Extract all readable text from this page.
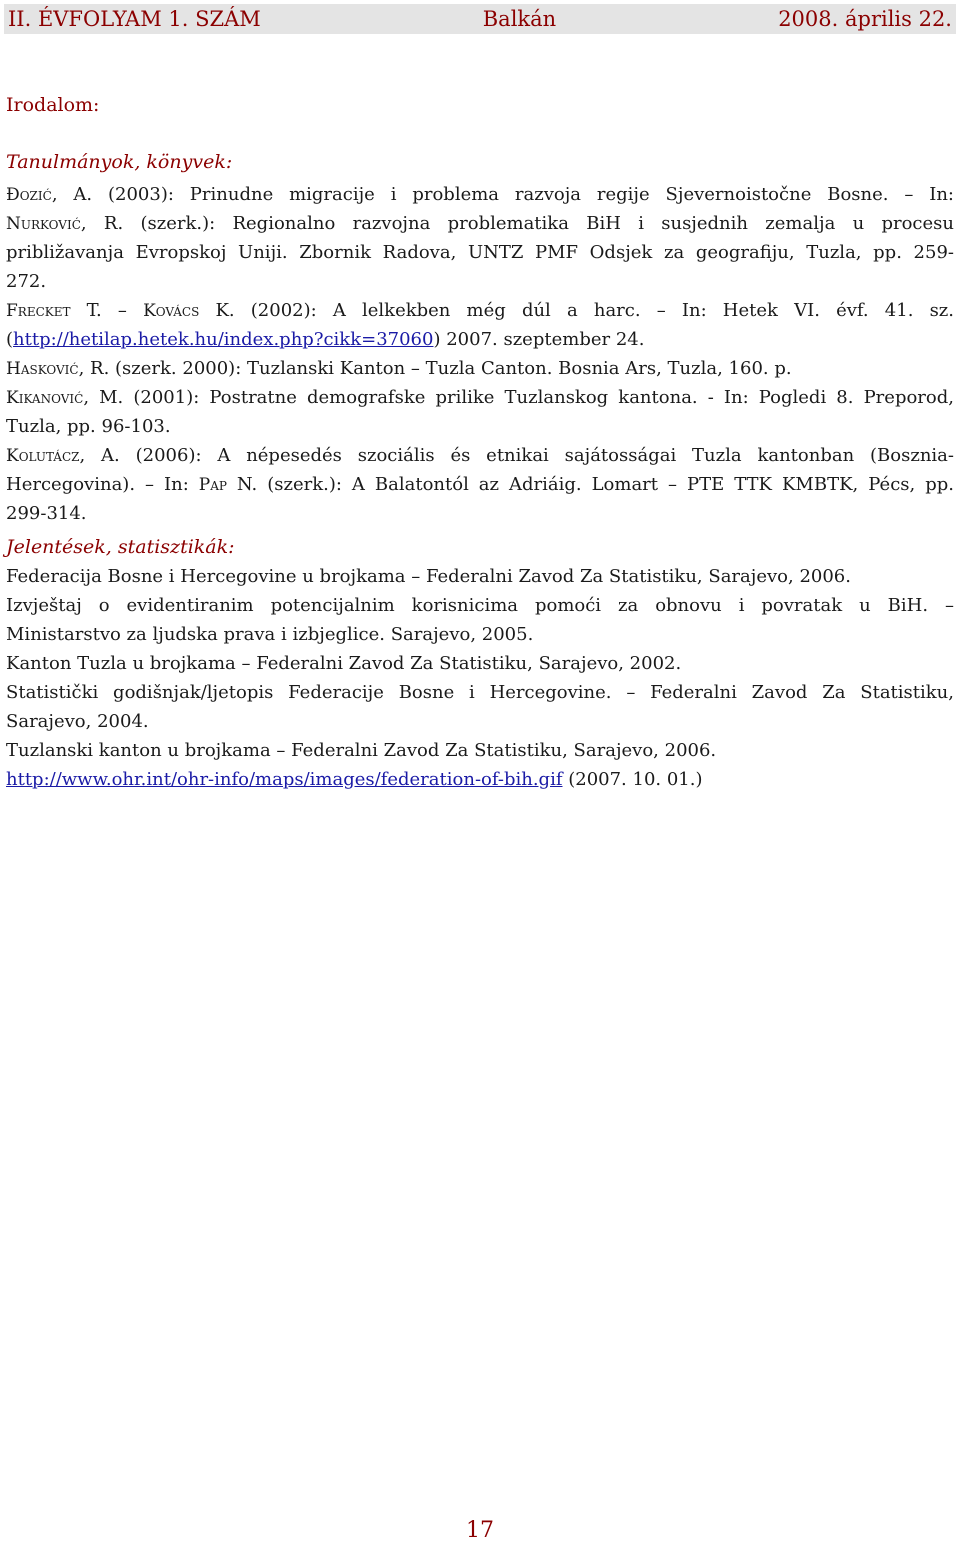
II. ÉVFOLYAM 1. SZÁM	Balkán	2008. április 22.
Irodalom:
Tanulmányok, könyvek:
Đozić, A. (2003): Prinudne migracije i problema razvoja regije Sjevernoistočne Bosne. – In:
Nurković, R. (szerk.): Regionalno razvojna problematika BiH i susjednih zemalja u procesu
približavanja Evropskoj Uniji. Zbornik Radova, UNTZ PMF Odsjek za geografiju, Tuzla, pp. 259-
272.
Frecket T. – Kovács K. (2002): A lelkekben még dúl a harc. – In: Hetek VI. évf. 41. sz.
(http://hetilap.hetek.hu/index.php?cikk=37060) 2007. szeptember 24.
Hasković, R. (szerk. 2000): Tuzlanski Kanton – Tuzla Canton. Bosnia Ars, Tuzla, 160. p.
Kikanović, M. (2001): Postratne demografske prilike Tuzlanskog kantona. - In: Pogledi 8. Preporod,
Tuzla, pp. 96-103.
Kolutácz, A. (2006): A népesedés szociális és etnikai sajátosságai Tuzla kantonban (Bosznia-
Hercegovina). – In: Pap N. (szerk.): A Balatontól az Adriáig. Lomart – PTE TTK KMBTK, Pécs, pp.
299-314.
Jelentések, statisztikák:
Federacija Bosne i Hercegovine u brojkama – Federalni Zavod Za Statistiku, Sarajevo, 2006.
Izvještaj o evidentiranim potencijalnim korisnicima pomoći za obnovu i povratak u BiH. –
Ministarstvo za ljudska prava i izbjeglice. Sarajevo, 2005.
Kanton Tuzla u brojkama – Federalni Zavod Za Statistiku, Sarajevo, 2002.
Statistički godišnjak/ljetopis Federacije Bosne i Hercegovine. – Federalni Zavod Za Statistiku,
Sarajevo, 2004.
Tuzlanski kanton u brojkama – Federalni Zavod Za Statistiku, Sarajevo, 2006.
http://www.ohr.int/ohr-info/maps/images/federation-of-bih.gif (2007. 10. 01.)
17
